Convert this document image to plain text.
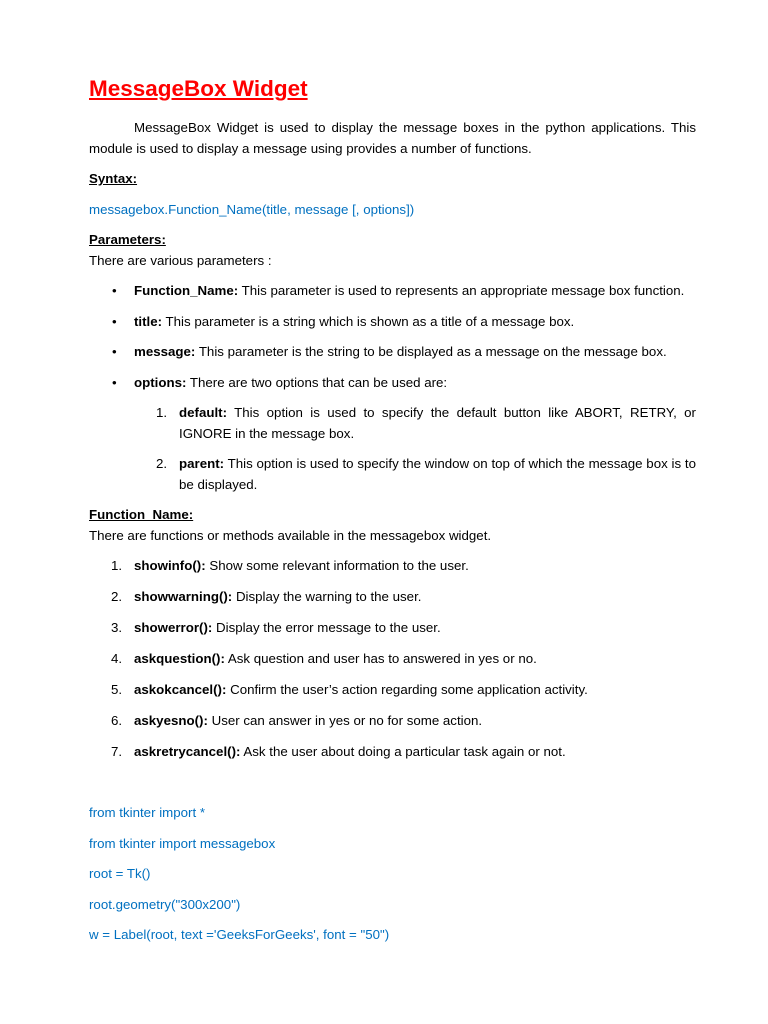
MessageBox Widget
MessageBox Widget is used to display the message boxes in the python applications. This module is used to display a message using provides a number of functions.
Syntax:
messagebox.Function_Name(title, message [, options])
Parameters:
There are various parameters :
• Function_Name: This parameter is used to represents an appropriate message box function.
• title: This parameter is a string which is shown as a title of a message box.
• message: This parameter is the string to be displayed as a message on the message box.
• options: There are two options that can be used are:
1. default: This option is used to specify the default button like ABORT, RETRY, or IGNORE in the message box.
2. parent: This option is used to specify the window on top of which the message box is to be displayed.
Function_Name:
There are functions or methods available in the messagebox widget.
1. showinfo(): Show some relevant information to the user.
2. showwarning(): Display the warning to the user.
3. showerror(): Display the error message to the user.
4. askquestion(): Ask question and user has to answered in yes or no.
5. askokcancel(): Confirm the user’s action regarding some application activity.
6. askyesno(): User can answer in yes or no for some action.
7. askretrycancel(): Ask the user about doing a particular task again or not.
from tkinter import *
from tkinter import messagebox
root = Tk()
root.geometry("300x200")
w = Label(root, text ='GeeksForGeeks', font = "50")
